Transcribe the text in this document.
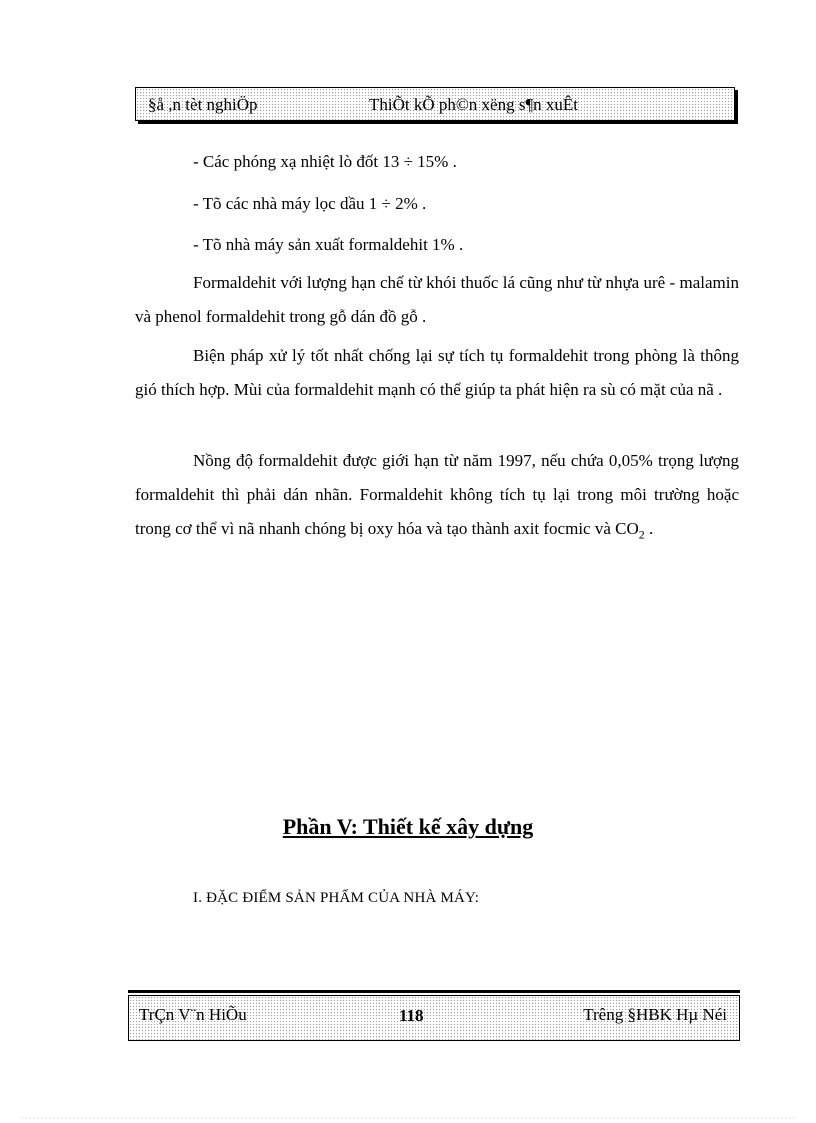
§å ,n tèt nghiÖp	ThiÕt kÕ ph©n xëng s¶n xuÊt
- Các phóng xạ nhiệt lò đốt 13 ÷ 15% .
- Tõ các nhà máy lọc dầu 1 ÷ 2% .
- Tõ nhà máy sản xuất formaldehit 1% .

Formaldehit với lượng hạn chế từ khói thuốc lá cũng như từ nhựa urê - malamin và phenol formaldehit trong gỗ dán đồ gỗ .

Biện pháp xử lý tốt nhất chống lại sự tích tụ formaldehit trong phòng là thông gió thích hợp. Mùi của formaldehit mạnh có thể giúp ta phát hiện ra sù có mặt của nã .

Nồng độ formaldehit được giới hạn từ năm 1997, nếu chứa 0,05% trọng lượng formaldehit thì phải dán nhãn. Formaldehit không tích tụ lại trong môi trường hoặc trong cơ thể vì nã nhanh chóng bị oxy hóa và tạo thành axit focmic và $CO_2$ .

Phần V: Thiết kế xây dựng
I. ĐẶC ĐIỂM SẢN PHẨM CỦA NHÀ MÁY:
TrÇn V¨n HiÕu	118	Trêng §HBK Hµ Néi
